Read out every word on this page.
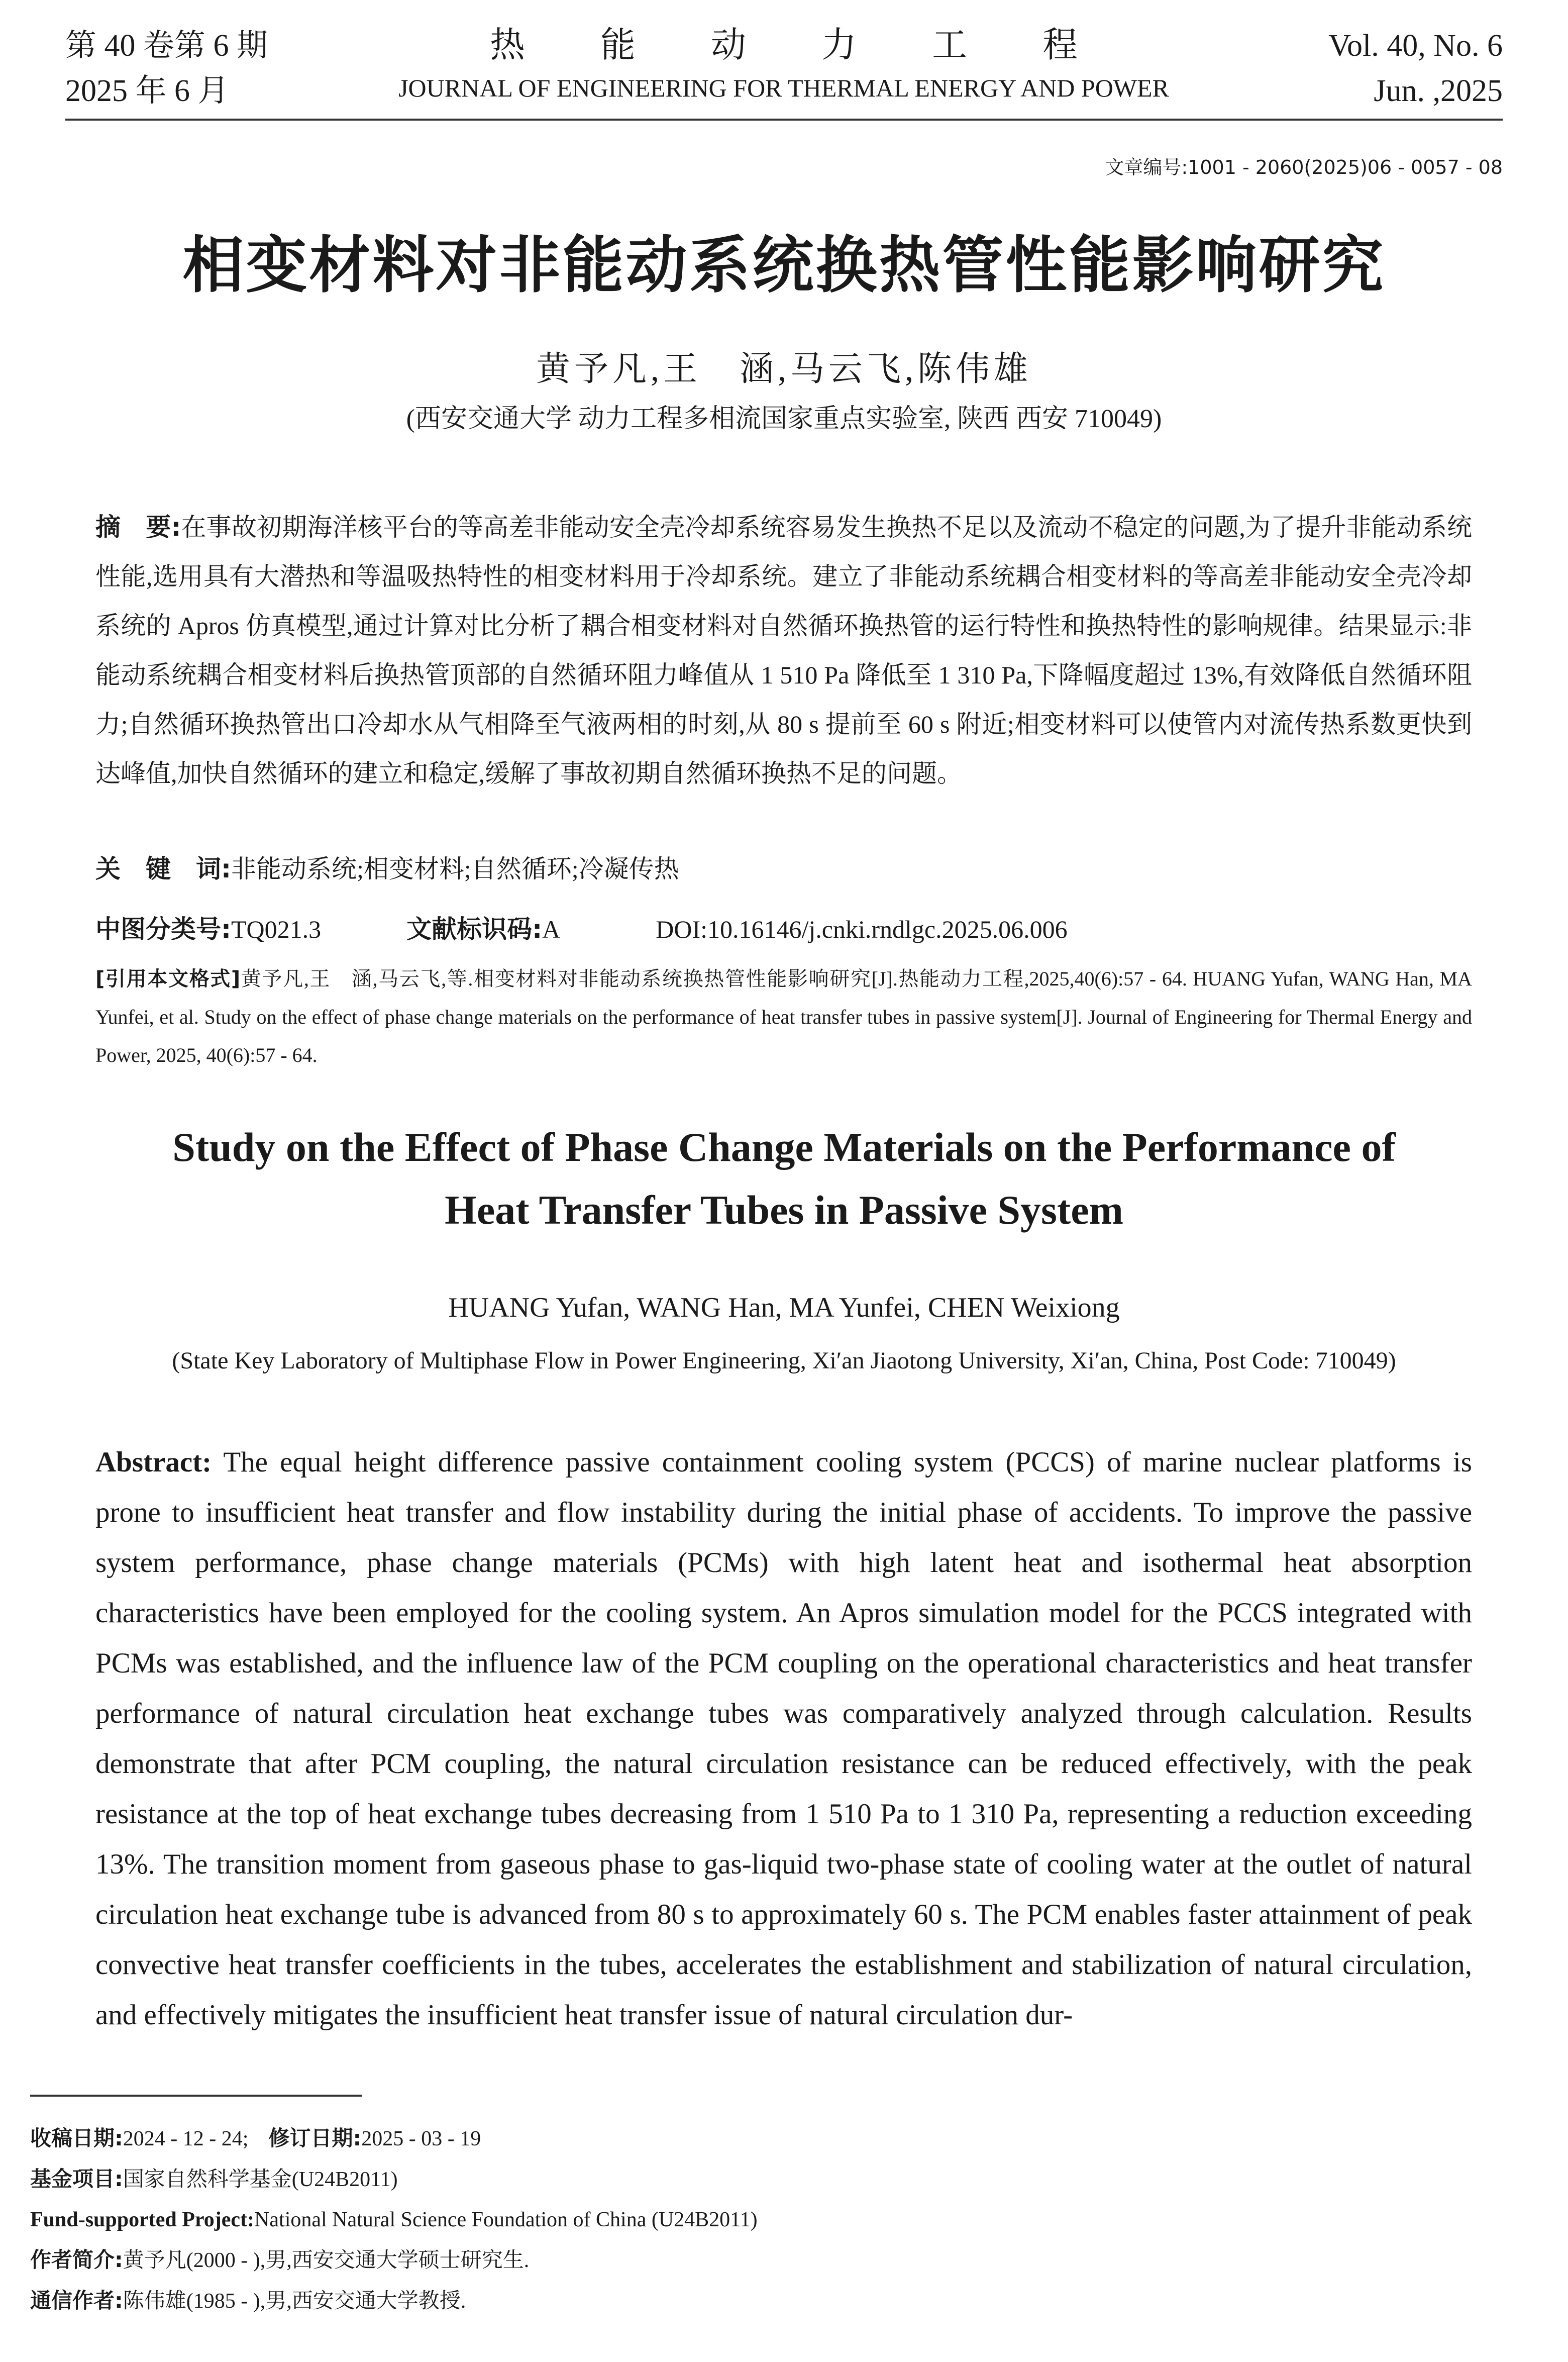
第 40 卷第 6 期
2025 年 6 月
热能动力工程
JOURNAL OF ENGINEERING FOR THERMAL ENERGY AND POWER
Vol. 40, No. 6
Jun. ,2025
文章编号:1001 - 2060(2025)06 - 0057 - 08
相变材料对非能动系统换热管性能影响研究
黄予凡,王　涵,马云飞,陈伟雄
(西安交通大学 动力工程多相流国家重点实验室, 陕西 西安 710049)
摘　要:在事故初期海洋核平台的等高差非能动安全壳冷却系统容易发生换热不足以及流动不稳定的问题,为了提升非能动系统性能,选用具有大潜热和等温吸热特性的相变材料用于冷却系统。建立了非能动系统耦合相变材料的等高差非能动安全壳冷却系统的 Apros 仿真模型,通过计算对比分析了耦合相变材料对自然循环换热管的运行特性和换热特性的影响规律。结果显示:非能动系统耦合相变材料后换热管顶部的自然循环阻力峰值从 1 510 Pa 降低至 1 310 Pa,下降幅度超过 13%,有效降低自然循环阻力;自然循环换热管出口冷却水从气相降至气液两相的时刻,从 80 s 提前至 60 s 附近;相变材料可以使管内对流传热系数更快到达峰值,加快自然循环的建立和稳定,缓解了事故初期自然循环换热不足的问题。
关　键　词:非能动系统;相变材料;自然循环;冷凝传热
中图分类号:TQ021.3	文献标识码:A	DOI:10.16146/j.cnki.rndlgc.2025.06.006
[引用本文格式]黄予凡,王　涵,马云飞,等.相变材料对非能动系统换热管性能影响研究[J].热能动力工程,2025,40(6):57 - 64. HUANG Yufan, WANG Han, MA Yunfei, et al. Study on the effect of phase change materials on the performance of heat transfer tubes in passive system[J]. Journal of Engineering for Thermal Energy and Power, 2025, 40(6):57 - 64.
Study on the Effect of Phase Change Materials on the Performance of
Heat Transfer Tubes in Passive System
HUANG Yufan, WANG Han, MA Yunfei, CHEN Weixiong
(State Key Laboratory of Multiphase Flow in Power Engineering, Xi′an Jiaotong University, Xi′an, China, Post Code: 710049)
Abstract: The equal height difference passive containment cooling system (PCCS) of marine nuclear platforms is prone to insufficient heat transfer and flow instability during the initial phase of accidents. To improve the passive system performance, phase change materials (PCMs) with high latent heat and isothermal heat absorption characteristics have been employed for the cooling system. An Apros simulation model for the PCCS integrated with PCMs was established, and the influence law of the PCM coupling on the operational characteristics and heat transfer performance of natural circulation heat exchange tubes was comparatively analyzed through calculation. Results demonstrate that after PCM coupling, the natural circulation resistance can be reduced effectively, with the peak resistance at the top of heat exchange tubes decreasing from 1 510 Pa to 1 310 Pa, representing a reduction exceeding 13%. The transition moment from gaseous phase to gas-liquid two-phase state of cooling water at the outlet of natural circulation heat exchange tube is advanced from 80 s to approximately 60 s. The PCM enables faster attainment of peak convective heat transfer coefficients in the tubes, accelerates the establishment and stabilization of natural circulation, and effectively mitigates the insufficient heat transfer issue of natural circulation dur-
收稿日期:2024 - 12 - 24; 修订日期:2025 - 03 - 19
基金项目:国家自然科学基金(U24B2011)
Fund-supported Project:National Natural Science Foundation of China (U24B2011)
作者简介:黄予凡(2000 - ),男,西安交通大学硕士研究生.
通信作者:陈伟雄(1985 - ),男,西安交通大学教授.
